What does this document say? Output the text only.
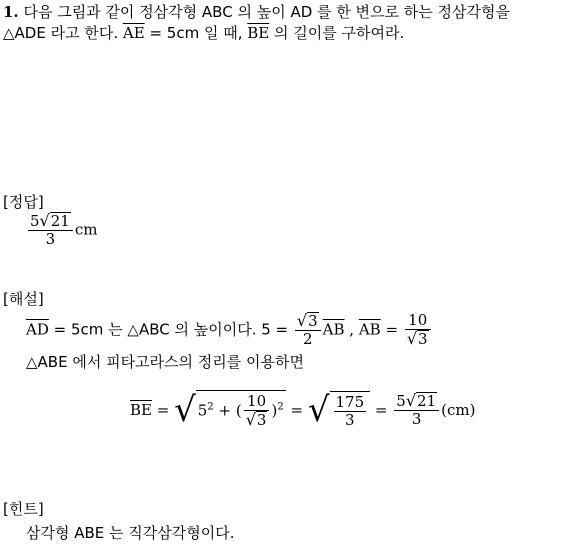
1. 다음 그림과 같이 정삼각형 ABC 의 높이 AD 를 한 변으로 하는 정삼각형을
△ADE 라고 한다. $\overline{AE} = 5cm$ 일 때, $\overline{BE}$ 의 길이를 구하여라.
[정답]
$\frac{5√21}{3}$ cm
[해설]
$\overline{AD} = 5cm$ 는 △ABC 의 높이이다. $5 = \frac{√3}{2} \overline{AB}$ , $\overline{AB} = \frac{10}{√3}$
△ABE 에서 피타고라스의 정리를 이용하면
$\overline{BE}$ = √ $5^2$ + ( $\frac{10}{√3} )^2$ = √ $\frac{175}{3} = \frac{5√21}{3} (cm)$
[힌트]
삼각형 ABE 는 직각삼각형이다.
